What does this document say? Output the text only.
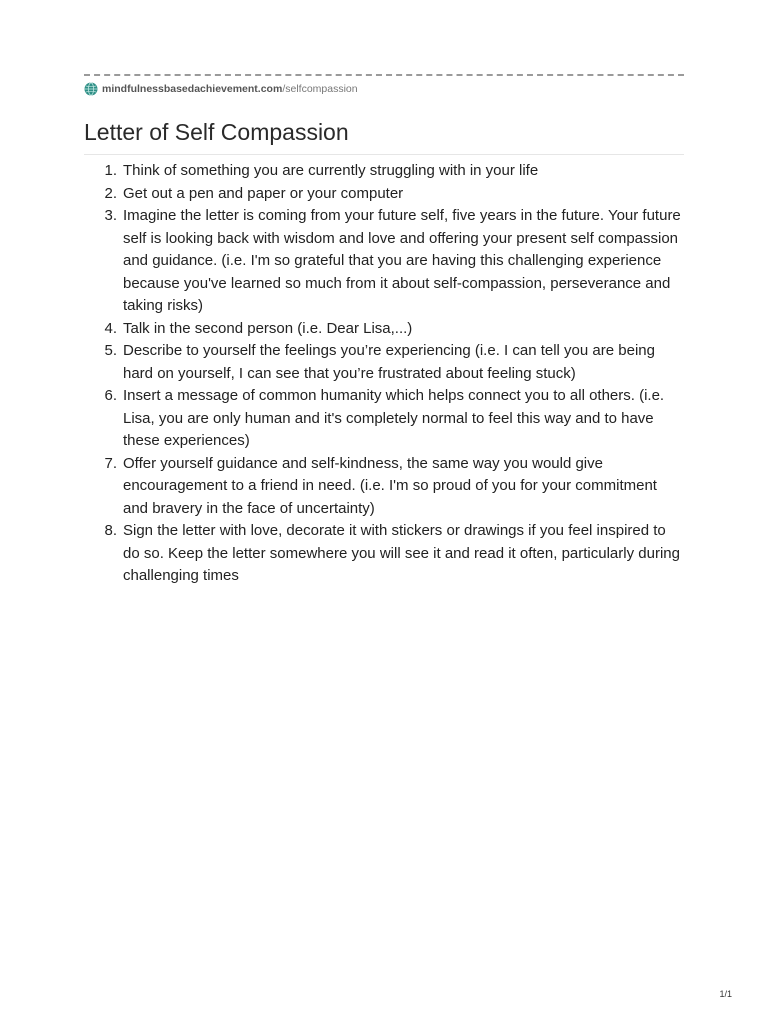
mindfulnessbasedachievement.com /selfcompassion
Letter of Self Compassion
1. Think of something you are currently struggling with in your life
2. Get out a pen and paper or your computer
3. Imagine the letter is coming from your future self, five years in the future. Your future self is looking back with wisdom and love and offering your present self compassion and guidance. (i.e. I'm so grateful that you are having this challenging experience because you've learned so much from it about self-compassion, perseverance and taking risks)
4. Talk in the second person (i.e. Dear Lisa,...)
5. Describe to yourself the feelings you’re experiencing (i.e. I can tell you are being hard on yourself, I can see that you’re frustrated about feeling stuck)
6. Insert a message of common humanity which helps connect you to all others. (i.e. Lisa, you are only human and it's completely normal to feel this way and to have these experiences)
7. Offer yourself guidance and self-kindness, the same way you would give encouragement to a friend in need. (i.e. I'm so proud of you for your commitment and bravery in the face of uncertainty)
8. Sign the letter with love, decorate it with stickers or drawings if you feel inspired to do so. Keep the letter somewhere you will see it and read it often, particularly during challenging times
1/1
